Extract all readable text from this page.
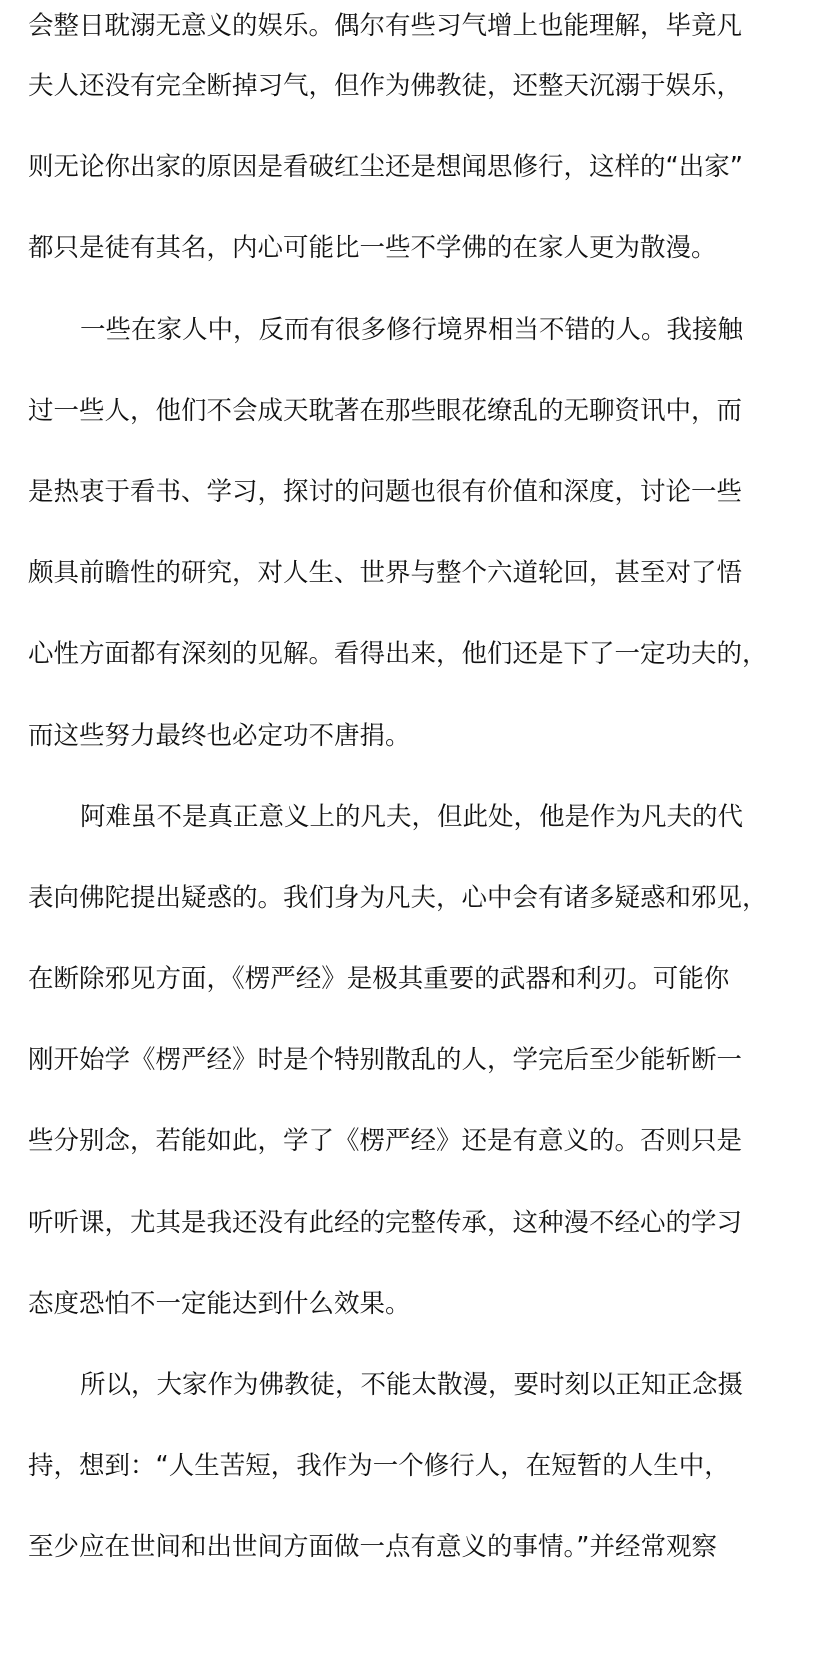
会整日耽溺无意义的娱乐。偶尔有些习气增上也能理解，毕竟凡
夫人还没有完全断掉习气，但作为佛教徒，还整天沉溺于娱乐，
则无论你出家的原因是看破红尘还是想闻思修行，这样的“出家”
都只是徒有其名，内心可能比一些不学佛的在家人更为散漫。
一些在家人中，反而有很多修行境界相当不错的人。我接触
过一些人，他们不会成天耽著在那些眼花缭乱的无聊资讯中，而
是热衷于看书、学习，探讨的问题也很有价值和深度，讨论一些
颇具前瞻性的研究，对人生、世界与整个六道轮回，甚至对了悟
心性方面都有深刻的见解。看得出来，他们还是下了一定功夫的，
而这些努力最终也必定功不唐捐。
阿难虽不是真正意义上的凡夫，但此处，他是作为凡夫的代
表向佛陀提出疑惑的。我们身为凡夫，心中会有诸多疑惑和邪见，
在断除邪见方面，《楞严经》是极其重要的武器和利刃。可能你
刚开始学《楞严经》时是个特别散乱的人，学完后至少能斩断一
些分别念，若能如此，学了《楞严经》还是有意义的。否则只是
听听课，尤其是我还没有此经的完整传承，这种漫不经心的学习
态度恐怕不一定能达到什么效果。
所以，大家作为佛教徒，不能太散漫，要时刻以正知正念摄
持，想到：“人生苦短，我作为一个修行人，在短暂的人生中，
至少应在世间和出世间方面做一点有意义的事情。”并经常观察
